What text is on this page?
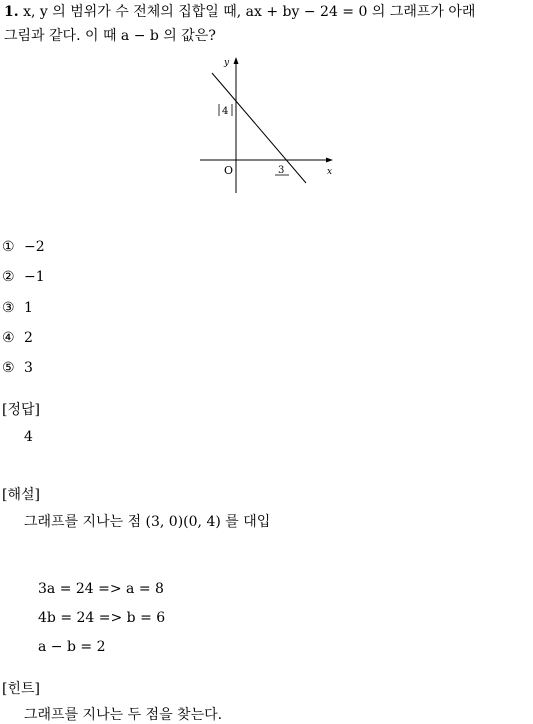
1. x, y 의 범위가 수 전체의 집합일 때, ax + by − 24 = 0 의 그래프가 아래
그림과 같다. 이 때 a − b 의 값은?
y
x
O
4
3
① −2
② −1
③ 1
④ 2
⑤ 3
[정답]
4
[해설]
그래프를 지나는 점 (3, 0)(0, 4) 를 대입
3a = 24 => a = 8
4b = 24 => b = 6
a − b = 2
[힌트]
그래프를 지나는 두 점을 찾는다.
